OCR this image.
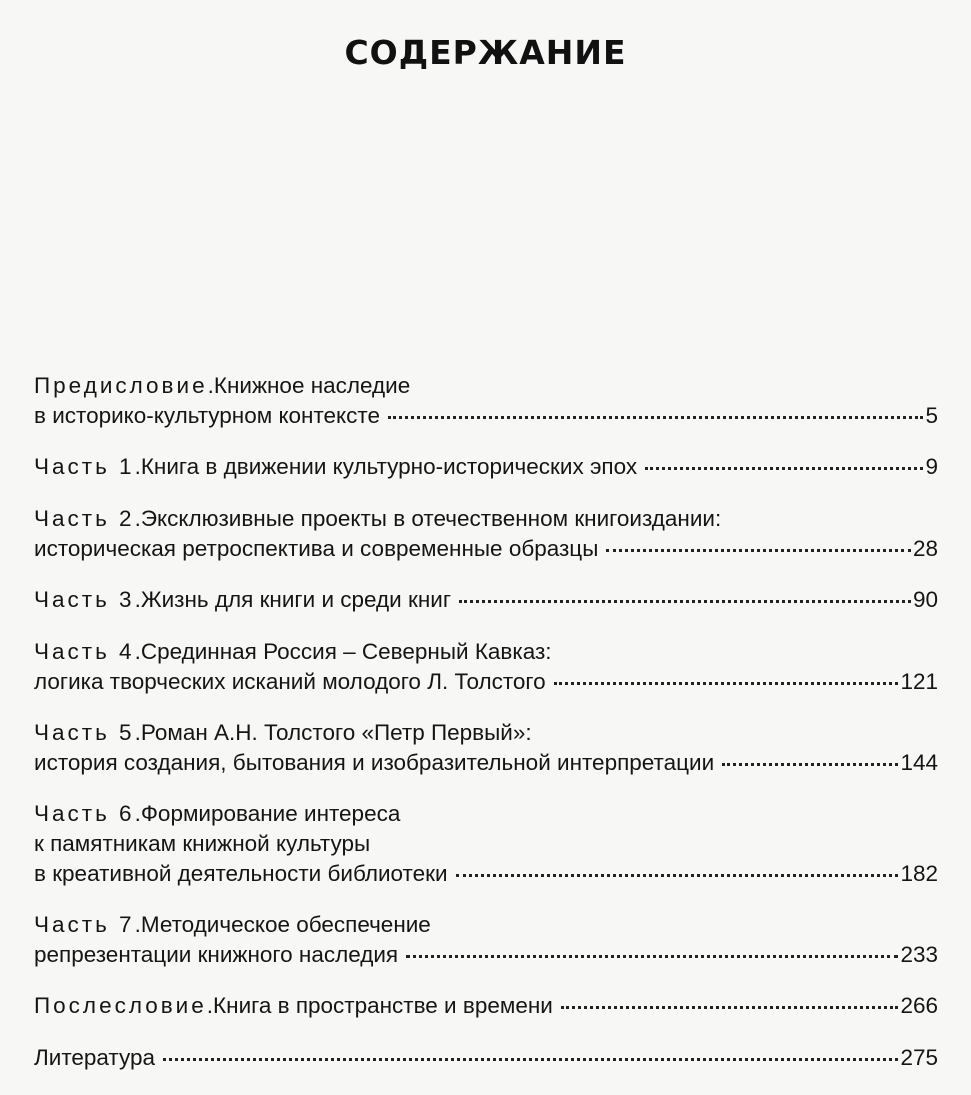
СОДЕРЖАНИЕ
Предисловие . Книжное наследие
в историко-культурном контексте	5
Часть 1 . Книга в движении культурно-исторических эпох	9
Часть 2 . Эксклюзивные проекты в отечественном книгоиздании:
историческая ретроспектива и современные образцы	28
Часть 3 . Жизнь для книги и среди книг	90
Часть 4 . Срединная Россия – Северный Кавказ:
логика творческих исканий молодого Л. Толстого	121
Часть 5 . Роман А.Н. Толстого «Петр Первый»:
история создания, бытования и изобразительной интерпретации	144
Часть 6 . Формирование интереса
к памятникам книжной культуры
в креативной деятельности библиотеки	182
Часть 7 . Методическое обеспечение
репрезентации книжного наследия	233
Послесловие . Книга в пространстве и времени	266
Литература	275
